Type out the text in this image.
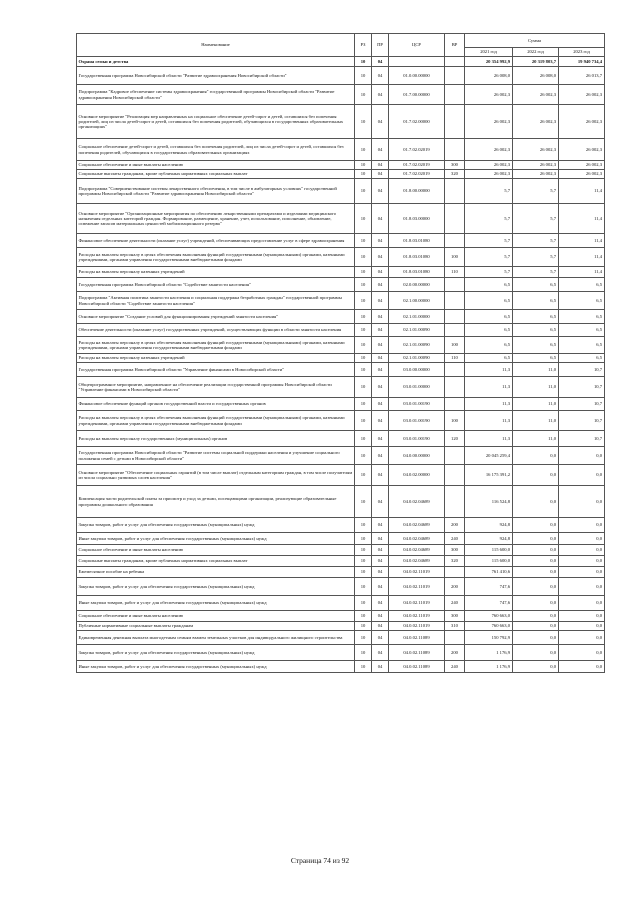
Наименование	РЗ	ПР	ЦСР	ВР	Сумма		
					2021 год	2022 год	2023 год
Охрана семьи и детства	10	04			20 354 992,9	20 319 803,7	19 940 734,4
Государственная программа Новосибирской области "Развитие здравоохранения Новосибирской области"	10	04	01.0.00.00000		26 008,0	26 008,0	26 013,7
Подпрограмма "Кадровое обеспечение системы здравоохранения" государственной программы Новосибирской области "Развитие здравоохранения Новосибирской области"	10	04	01.7.00.00000		26 002,3	26 002,3	26 002,3
Основное мероприятие "Реализация мер направленных на социальное обеспечение детей-сирот и детей, оставшихся без попечения родителей, лиц из числа детей-сирот и детей, оставшихся без попечения родителей, обучающихся в государственных образовательных организациях"	10	04	01.7.02.00000		26 002,3	26 002,3	26 002,3
Социальное обеспечение детей-сирот и детей, оставшихся без попечения родителей, лиц из числа детей-сирот и детей, оставшихся без попечения родителей, обучающихся в государственных образовательных организациях	10	04	01.7.02.02019		26 002,3	26 002,3	26 002,3
Социальное обеспечение и иные выплаты населению	10	04	01.7.02.02019	300	26 002,3	26 002,3	26 002,3
Социальные выплаты гражданам, кроме публичных нормативных социальных выплат	10	04	01.7.02.02019	320	26 002,3	26 002,3	26 002,3
Подпрограмма "Совершенствование системы лекарственного обеспечения, в том числе в амбулаторных условиях" государственной программы Новосибирской области "Развитие здравоохранения Новосибирской области"	10	04	01.8.00.00000		5,7	5,7	11,4
Основное мероприятие "Организационные мероприятия по обеспечению лекарственными препаратами и изделиями медицинского назначения отдельных категорий граждан. Формирование, размещение, хранение, учет, использование, пополнение, обновление, освежение запасов материальных ценностей мобилизационного резерва"	10	04	01.8.03.00000		5,7	5,7	11,4
Финансовое обеспечение деятельности (оказание услуг) учреждений, обеспечивающих предоставление услуг в сфере здравоохранения	10	04	01.8.03.01080		5,7	5,7	11,4
Расходы на выплаты персоналу в целях обеспечения выполнения функций государственными (муниципальными) органами, казенными учреждениями, органами управления государственными внебюджетными фондами	10	04	01.8.03.01080	100	5,7	5,7	11,4
Расходы на выплаты персоналу казенных учреждений	10	04	01.8.03.01080	110	5,7	5,7	11,4
Государственная программа Новосибирской области "Содействие занятости населения"	10	04	02.0.00.00000		6,5	6,5	6,5
Подпрограмма "Активная политика занятости населения и социальная поддержка безработных граждан" государственной программы Новосибирской области "Содействие занятости населения"	10	04	02.1.00.00000		6,5	6,5	6,5
Основное мероприятие "Создание условий для функционирования учреждений занятости населения"	10	04	02.1.01.00000		6,5	6,5	6,5
Обеспечение деятельности (оказание услуг) государственных учреждений, осуществляющих функции в области занятости населения	10	04	02.1.01.00090		6,5	6,5	6,5
Расходы на выплаты персоналу в целях обеспечения выполнения функций государственными (муниципальными) органами, казенными учреждениями, органами управления государственными внебюджетными фондами	10	04	02.1.01.00090	100	6,5	6,5	6,5
Расходы на выплаты персоналу казенных учреждений	10	04	02.1.01.00090	110	6,5	6,5	6,5
Государственная программа Новосибирской области "Управление финансами в Новосибирской области"	10	04	03.0.00.00000		11,3	11,0	10,7
Общепрограммное мероприятие, направленное на обеспечение реализации государственной программы Новосибирской области "Управление финансами в Новосибирской области"	10	04	03.0.01.00000		11,3	11,0	10,7
Финансовое обеспечение функций органов государственной власти и государственных органов	10	04	03.0.01.00190		11,3	11,0	10,7
Расходы на выплаты персоналу в целях обеспечения выполнения функций государственными (муниципальными) органами, казенными учреждениями, органами управления государственными внебюджетными фондами	10	04	03.0.01.00190	100	11,3	11,0	10,7
Расходы на выплаты персоналу государственных (муниципальных) органов	10	04	03.0.01.00190	120	11,3	11,0	10,7
Государственная программа Новосибирской области "Развитие системы социальной поддержки населения и улучшение социального положения семей с детьми в Новосибирской области"	10	04	04.0.00.00000		20 045 259,4	0,0	0,0
Основное мероприятие "Обеспечение социальных гарантий (в том числе выплат) отдельным категориям граждан, в том числе получателям из числа социально уязвимых слоев населения"	10	04	04.0.02.00000		16 175 391,2	0,0	0,0
Компенсация части родительской платы за присмотр и уход за детьми, посещающими организации, реализующие образовательные программы дошкольного образования	10	04	04.0.02.04689		116 524,8	0,0	0,0
Закупка товаров, работ и услуг для обеспечения государственных (муниципальных) нужд	10	04	04.0.02.04689	200	924,8	0,0	0,0
Иные закупки товаров, работ и услуг для обеспечения государственных (муниципальных) нужд	10	04	04.0.02.04689	240	924,8	0,0	0,0
Социальное обеспечение и иные выплаты населению	10	04	04.0.02.04689	300	115 600,0	0,0	0,0
Социальные выплаты гражданам, кроме публичных нормативных социальных выплат	10	04	04.0.02.04689	320	115 600,0	0,0	0,0
Ежемесячное пособие на ребенка	10	04	04.0.02.11019		761 410,6	0,0	0,0
Закупка товаров, работ и услуг для обеспечения государственных (муниципальных) нужд	10	04	04.0.02.11019	200	747,6	0,0	0,0
Иные закупки товаров, работ и услуг для обеспечения государственных (муниципальных) нужд	10	04	04.0.02.11019	240	747,6	0,0	0,0
Социальное обеспечение и иные выплаты населению	10	04	04.0.02.11019	300	760 663,0	0,0	0,0
Публичные нормативные социальные выплаты гражданам	10	04	04.0.02.11019	310	760 663,0	0,0	0,0
Единовременная денежная выплата многодетным семьям взамен земельных участков для индивидуального жилищного строительства	10	04	04.0.02.11089		150 792,9	0,0	0,0
Закупка товаров, работ и услуг для обеспечения государственных (муниципальных) нужд	10	04	04.0.02.11089	200	1 176,9	0,0	0,0
Иные закупки товаров, работ и услуг для обеспечения государственных (муниципальных) нужд	10	04	04.0.02.11089	240	1 176,9	0,0	0,0
Страница 74 из 92
